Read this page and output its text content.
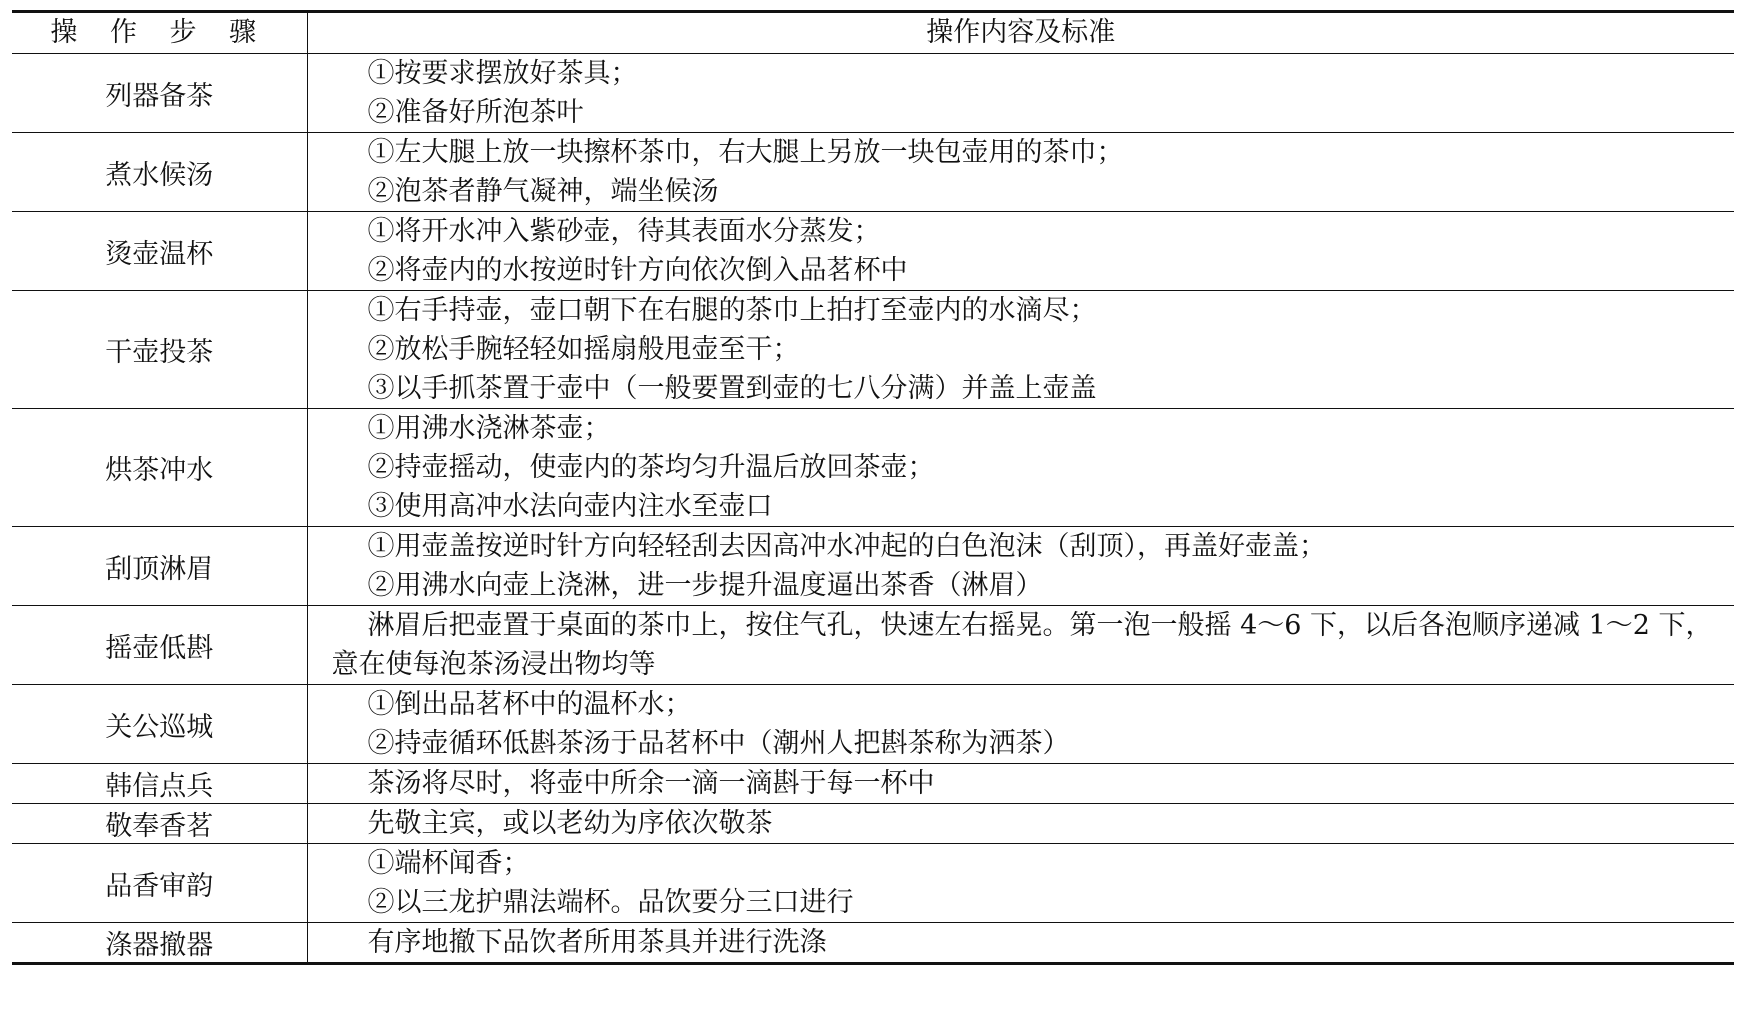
操 作 步 骤	操作内容及标准
列器备茶	①按要求摆放好茶具；
②准备好所泡茶叶

煮水候汤	①左大腿上放一块擦杯茶巾，右大腿上另放一块包壶用的茶巾；
②泡茶者静气凝神，端坐候汤

烫壶温杯	①将开水冲入紫砂壶，待其表面水分蒸发；
②将壶内的水按逆时针方向依次倒入品茗杯中

干壶投茶	①右手持壶，壶口朝下在右腿的茶巾上拍打至壶内的水滴尽；
②放松手腕轻轻如摇扇般甩壶至干；
③以手抓茶置于壶中（一般要置到壶的七八分满）并盖上壶盖

烘茶冲水	①用沸水浇淋茶壶；
②持壶摇动，使壶内的茶均匀升温后放回茶壶；
③使用高冲水法向壶内注水至壶口

刮顶淋眉	①用壶盖按逆时针方向轻轻刮去因高冲水冲起的白色泡沫（刮顶），再盖好壶盖；
②用沸水向壶上浇淋，进一步提升温度逼出茶香（淋眉）

摇壶低斟	淋眉后把壶置于桌面的茶巾上，按住气孔，快速左右摇晃。第一泡一般摇 4～6 下，以后各泡顺序递减 1～2 下，意在使每泡茶汤浸出物均等

关公巡城	①倒出品茗杯中的温杯水；
②持壶循环低斟茶汤于品茗杯中（潮州人把斟茶称为洒茶）

韩信点兵	茶汤将尽时，将壶中所余一滴一滴斟于每一杯中

敬奉香茗	先敬主宾，或以老幼为序依次敬茶

品香审韵	①端杯闻香；
②以三龙护鼎法端杯。品饮要分三口进行

涤器撤器	有序地撤下品饮者所用茶具并进行洗涤
